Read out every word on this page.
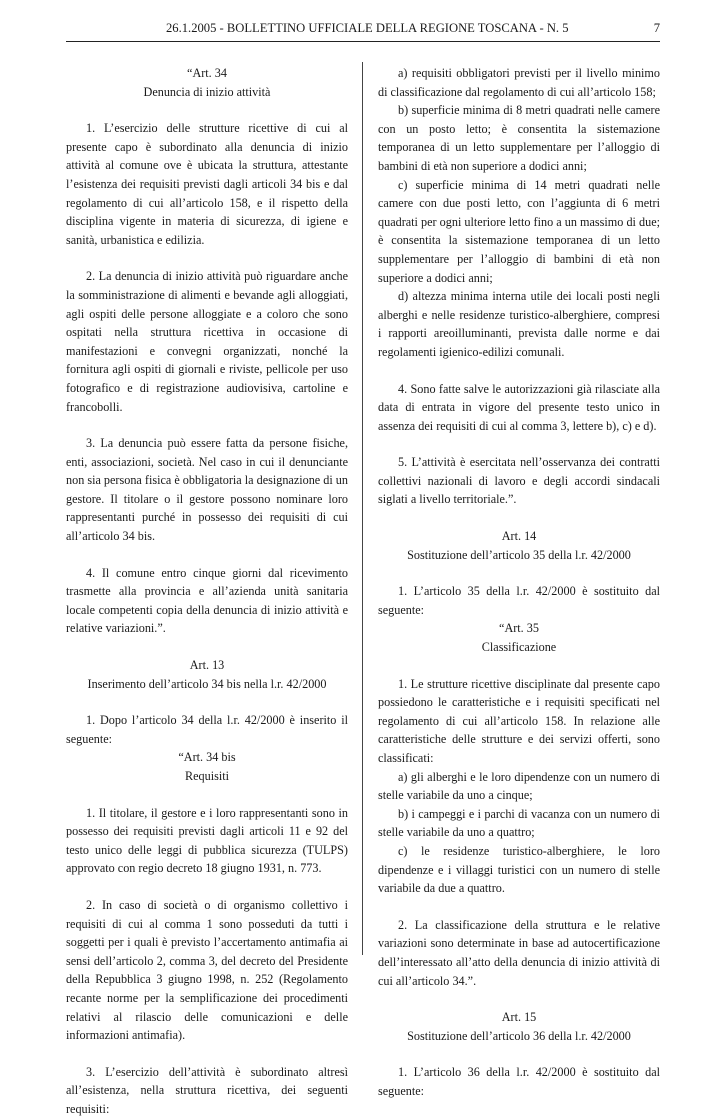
26.1.2005 - BOLLETTINO UFFICIALE DELLA REGIONE TOSCANA - N. 5	7
“Art. 34
Denuncia di inizio attività

1. L’esercizio delle strutture ricettive di cui al presente capo è subordinato alla denuncia di inizio attività al comune ove è ubicata la struttura, attestante l’esistenza dei requisiti previsti dagli articoli 34 bis e dal regolamento di cui all’articolo 158, e il rispetto della disciplina vigente in materia di sicurezza, di igiene e sanità, urbanistica e edilizia.

2. La denuncia di inizio attività può riguardare anche la somministrazione di alimenti e bevande agli alloggiati, agli ospiti delle persone alloggiate e a coloro che sono ospitati nella struttura ricettiva in occasione di manifestazioni e convegni organizzati, nonché la fornitura agli ospiti di giornali e riviste, pellicole per uso fotografico e di registrazione audiovisiva, cartoline e francobolli.

3. La denuncia può essere fatta da persone fisiche, enti, associazioni, società. Nel caso in cui il denunciante non sia persona fisica è obbligatoria la designazione di un gestore. Il titolare o il gestore possono nominare loro rappresentanti purché in possesso dei requisiti di cui all’articolo 34 bis.

4. Il comune entro cinque giorni dal ricevimento trasmette alla provincia e all’azienda unità sanitaria locale competenti copia della denuncia di inizio attività e relative variazioni.”.

Art. 13
Inserimento dell’articolo 34 bis nella l.r. 42/2000

1. Dopo l’articolo 34 della l.r. 42/2000 è inserito il seguente:

“Art. 34 bis
Requisiti

1. Il titolare, il gestore e i loro rappresentanti sono in possesso dei requisiti previsti dagli articoli 11 e 92 del testo unico delle leggi di pubblica sicurezza (TULPS) approvato con regio decreto 18 giugno 1931, n. 773.

2. In caso di società o di organismo collettivo i requisiti di cui al comma 1 sono posseduti da tutti i soggetti per i quali è previsto l’accertamento antimafia ai sensi dell’articolo 2, comma 3, del decreto del Presidente della Repubblica 3 giugno 1998, n. 252 (Regolamento recante norme per la semplificazione dei procedimenti relativi al rilascio delle comunicazioni e delle informazioni antimafia).

3. L’esercizio dell’attività è subordinato altresì all’esistenza, nella struttura ricettiva, dei seguenti requisiti:

a) requisiti obbligatori previsti per il livello minimo di classificazione dal regolamento di cui all’articolo 158;

b) superficie minima di 8 metri quadrati nelle camere con un posto letto; è consentita la sistemazione temporanea di un letto supplementare per l’alloggio di bambini di età non superiore a dodici anni;

c) superficie minima di 14 metri quadrati nelle camere con due posti letto, con l’aggiunta di 6 metri quadrati per ogni ulteriore letto fino a un massimo di due; è consentita la sistemazione temporanea di un letto supplementare per l’alloggio di bambini di età non superiore a dodici anni;

d) altezza minima interna utile dei locali posti negli alberghi e nelle residenze turistico-alberghiere, compresi i rapporti areoilluminanti, prevista dalle norme e dai regolamenti igienico-edilizi comunali.

4. Sono fatte salve le autorizzazioni già rilasciate alla data di entrata in vigore del presente testo unico in assenza dei requisiti di cui al comma 3, lettere b), c) e d).

5. L’attività è esercitata nell’osservanza dei contratti collettivi nazionali di lavoro e degli accordi sindacali siglati a livello territoriale.”.

Art. 14
Sostituzione dell’articolo 35 della l.r. 42/2000

1. L’articolo 35 della l.r. 42/2000 è sostituito dal seguente:

“Art. 35
Classificazione

1. Le strutture ricettive disciplinate dal presente capo possiedono le caratteristiche e i requisiti specificati nel regolamento di cui all’articolo 158. In relazione alle caratteristiche delle strutture e dei servizi offerti, sono classificati:

a) gli alberghi e le loro dipendenze con un numero di stelle variabile da uno a cinque;

b) i campeggi e i parchi di vacanza con un numero di stelle variabile da uno a quattro;

c) le residenze turistico-alberghiere, le loro dipendenze e i villaggi turistici con un numero di stelle variabile da due a quattro.

2. La classificazione della struttura e le relative variazioni sono determinate in base ad autocertificazione dell’interessato all’atto della denuncia di inizio attività di cui all’articolo 34.”.

Art. 15
Sostituzione dell’articolo 36 della l.r. 42/2000

1. L’articolo 36 della l.r. 42/2000 è sostituito dal seguente:
